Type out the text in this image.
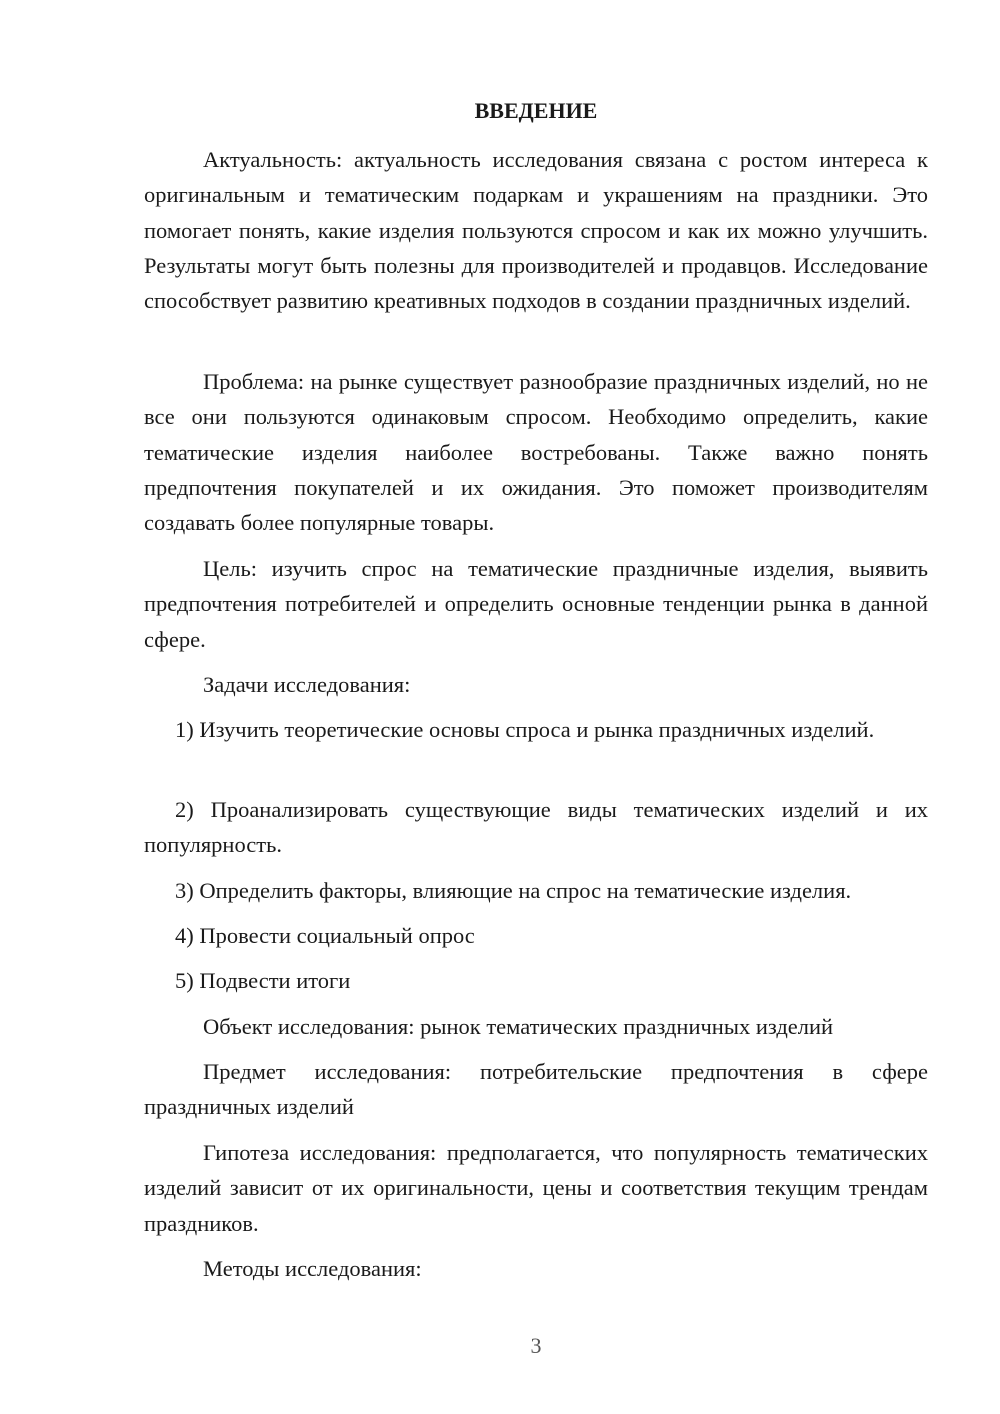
ВВЕДЕНИЕ

Актуальность: актуальность исследования связана с ростом интереса к оригинальным и тематическим подаркам и украшениям на праздники. Это помогает понять, какие изделия пользуются спросом и как их можно улучшить. Результаты могут быть полезны для производителей и продавцов. Исследование способствует развитию креативных подходов в создании праздничных изделий.

Проблема: на рынке существует разнообразие праздничных изделий, но не все они пользуются одинаковым спросом. Необходимо определить, какие тематические изделия наиболее востребованы. Также важно понять предпочтения покупателей и их ожидания. Это поможет производителям создавать более популярные товары.

Цель: изучить спрос на тематические праздничные изделия, выявить предпочтения потребителей и определить основные тенденции рынка в данной сфере.

Задачи исследования:

1) Изучить теоретические основы спроса и рынка праздничных изделий.

2) Проанализировать существующие виды тематических изделий и их популярность.

3) Определить факторы, влияющие на спрос на тематические изделия.

4) Провести социальный опрос

5) Подвести итоги

Объект исследования: рынок тематических праздничных изделий

Предмет исследования: потребительские предпочтения в сфере праздничных изделий

Гипотеза исследования: предполагается, что популярность тематических изделий зависит от их оригинальности, цены и соответствия текущим трендам праздников.

Методы исследования:

3
